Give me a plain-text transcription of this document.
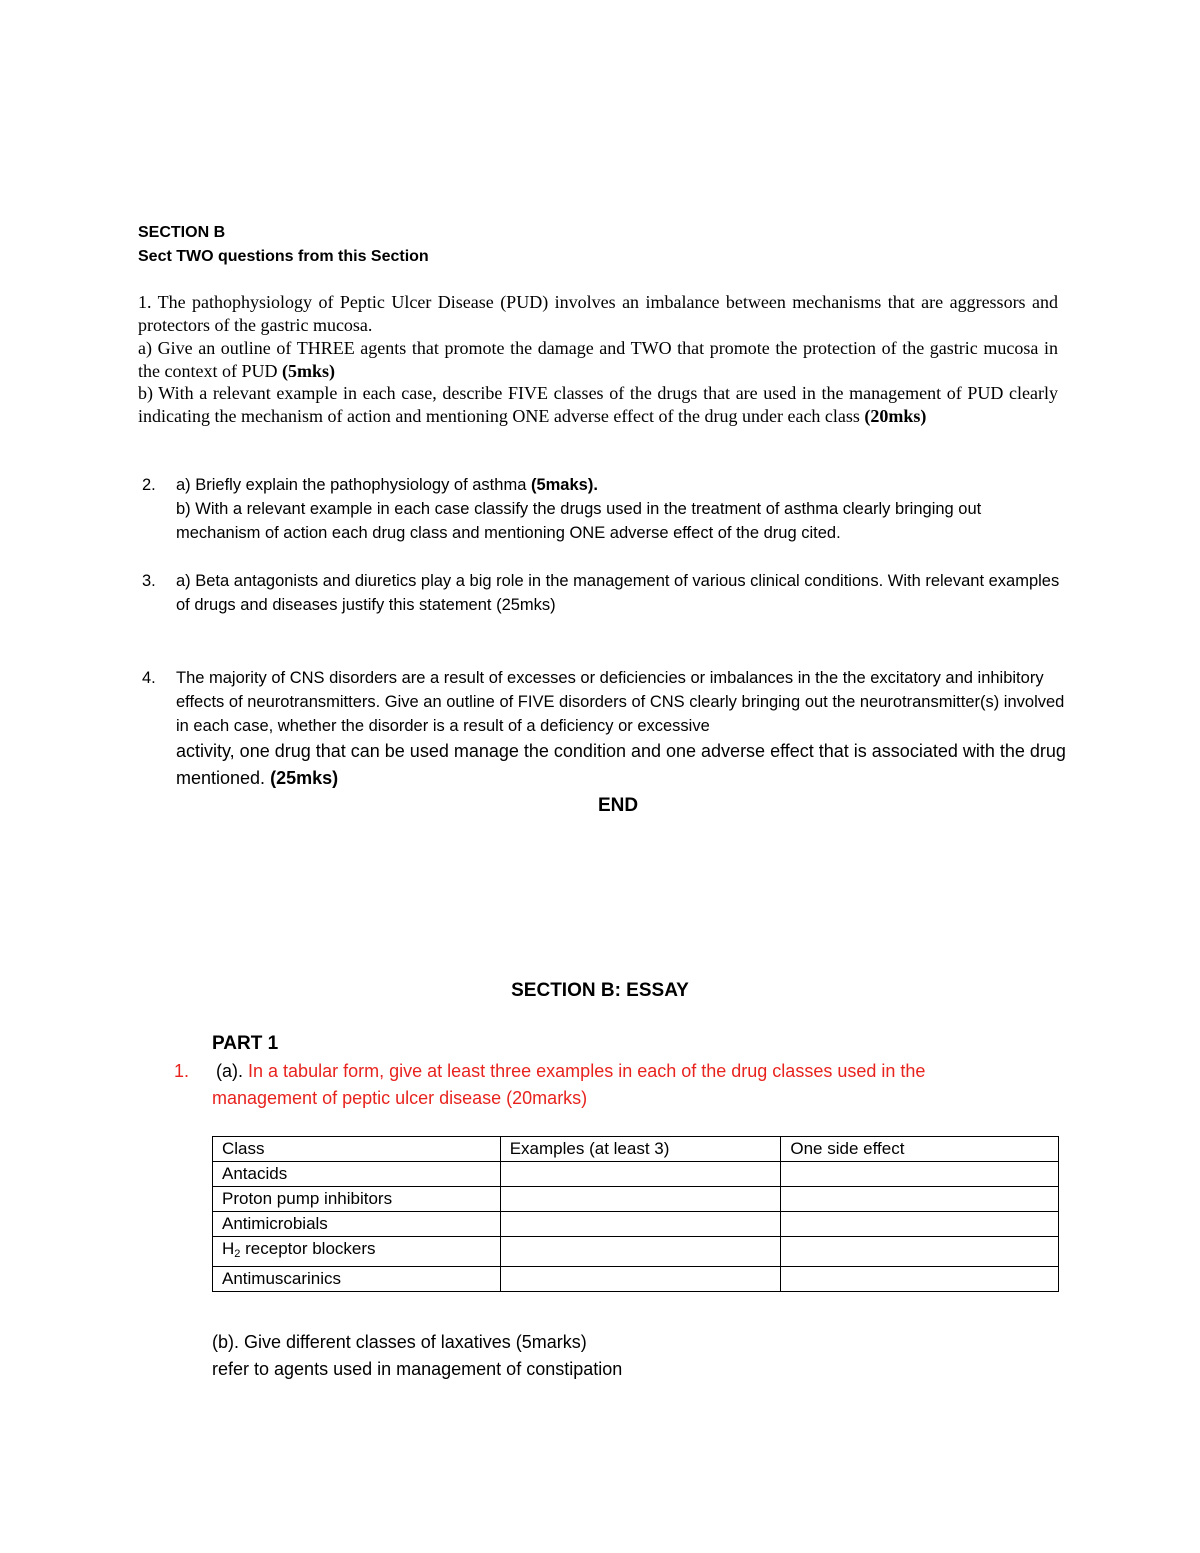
SECTION B
Sect TWO questions from this Section
1. The pathophysiology of Peptic Ulcer Disease (PUD) involves an imbalance between mechanisms that are aggressors and protectors of the gastric mucosa.
a) Give an outline of THREE agents that promote the damage and TWO that promote the protection of the gastric mucosa in the context of PUD (5mks)
b) With a relevant example in each case, describe FIVE classes of the drugs that are used in the management of PUD clearly indicating the mechanism of action and mentioning ONE adverse effect of the drug under each class (20mks)
2. a) Briefly explain the pathophysiology of asthma (5maks).
b) With a relevant example in each case classify the drugs used in the treatment of asthma clearly bringing out mechanism of action each drug class and mentioning ONE adverse effect of the drug cited.
3. a) Beta antagonists and diuretics play a big role in the management of various clinical conditions. With relevant examples of drugs and diseases justify this statement (25mks)
4. The majority of CNS disorders are a result of excesses or deficiencies or imbalances in the the excitatory and inhibitory effects of neurotransmitters. Give an outline of FIVE disorders of CNS clearly bringing out the neurotransmitter(s) involved in each case, whether the disorder is a result of a deficiency or excessive
activity, one drug that can be used manage the condition and one adverse effect that is associated with the drug mentioned. (25mks)
END
SECTION B: ESSAY
PART 1
1. (a). In a tabular form, give at least three examples in each of the drug classes used in the management of peptic ulcer disease (20marks)
Class	Examples (at least 3)	One side effect
Antacids		
Proton pump inhibitors		
Antimicrobials		
$H_2$ receptor blockers		
Antimuscarinics		
(b). Give different classes of laxatives (5marks)
refer to agents used in management of constipation
